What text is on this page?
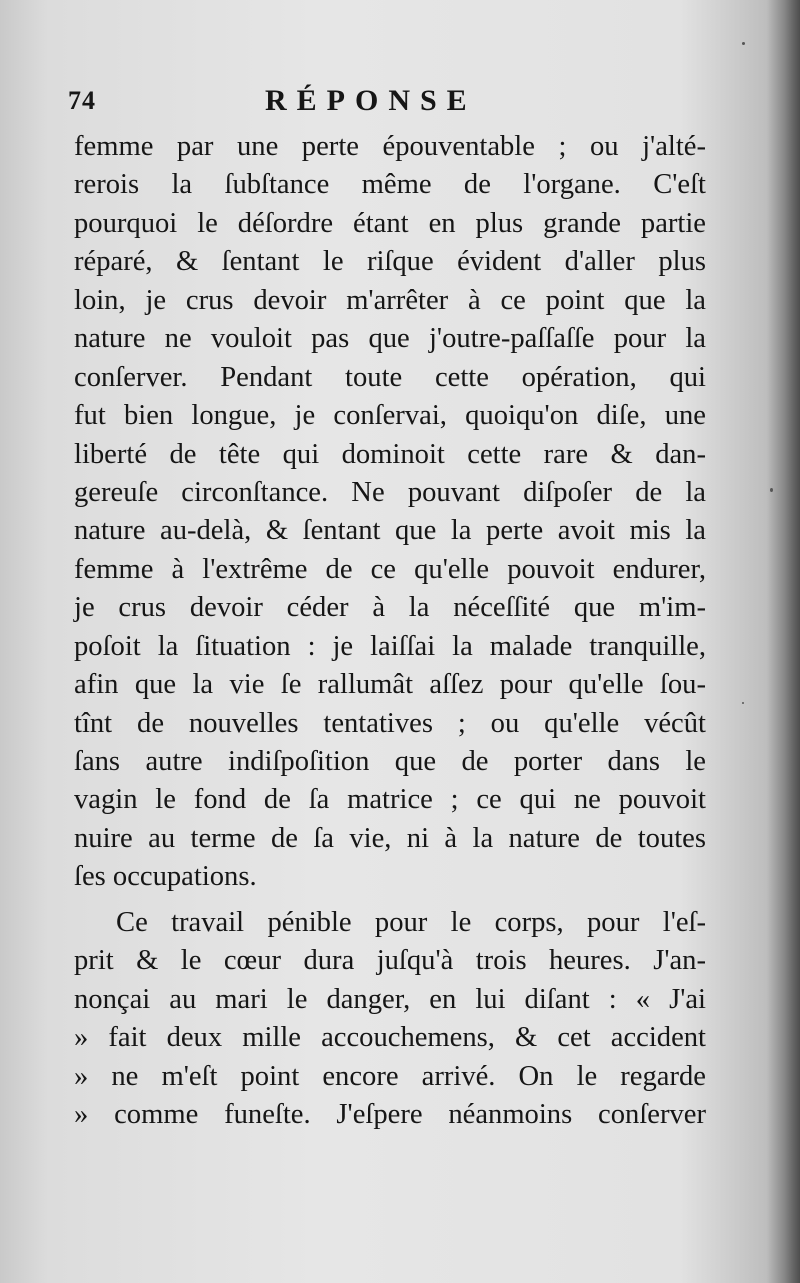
74	RÉPONSE
femme par une perte épouventable ; ou j'alté-
rerois la ſubſtance même de l'organe. C'eſt
pourquoi le déſordre étant en plus grande partie
réparé, & ſentant le riſque évident d'aller plus
loin, je crus devoir m'arrêter à ce point que la
nature ne vouloit pas que j'outre-paſſaſſe pour la
conſerver. Pendant toute cette opération, qui
fut bien longue, je conſervai, quoiqu'on diſe, une
liberté de tête qui dominoit cette rare & dan-
gereuſe circonſtance. Ne pouvant diſpoſer de la
nature au-delà, & ſentant que la perte avoit mis la
femme à l'extrême de ce qu'elle pouvoit endurer,
je crus devoir céder à la néceſſité que m'im-
poſoit la ſituation : je laiſſai la malade tranquille,
afin que la vie ſe rallumât aſſez pour qu'elle ſou-
tînt de nouvelles tentatives ; ou qu'elle vécût
ſans autre indiſpoſition que de porter dans le
vagin le fond de ſa matrice ; ce qui ne pouvoit
nuire au terme de ſa vie, ni à la nature de toutes
ſes occupations.
Ce travail pénible pour le corps, pour l'eſ-
prit & le cœur dura juſqu'à trois heures. J'an-
nonçai au mari le danger, en lui diſant : « J'ai
» fait deux mille accouchemens, & cet accident
» ne m'eſt point encore arrivé. On le regarde
» comme funeſte. J'eſpere néanmoins conſerver
